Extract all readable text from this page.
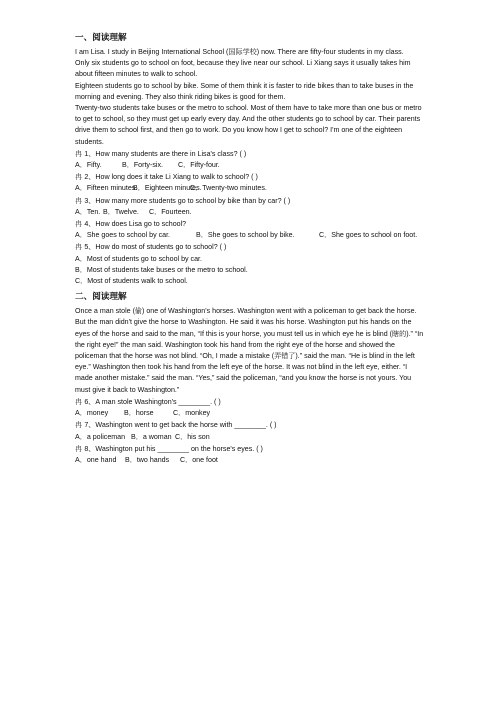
一、阅读理解

I am Lisa. I study in Beijing International School (国际学校) now. There are fifty-four students in my class.

Only six students go to school on foot, because they live near our school. Li Xiang says it usually takes him about fifteen minutes to walk to school.

Eighteen students go to school by bike. Some of them think it is faster to ride bikes than to take buses in the morning and evening. They also think riding bikes is good for them.

Twenty-two students take buses or the metro to school. Most of them have to take more than one bus or metro to get to school, so they must get up early every day. And the other students go to school by car. Their parents drive them to school first, and then go to work. Do you know how I get to school? I'm one of the eighteen students.

冉 1、How many students are there in Lisa's class? ( )

A．Fifty.	B．Forty-six. C．Fifty-four.

冉 2、How long does it take Li Xiang to walk to school? ( )

A．Fifteen minutes.B．Eighteen minutes.C．Twenty-two minutes.

冉 3、How many more students go to school by bike than by car? ( )

A．Ten. B．Twelve. C．Fourteen.

冉 4、How does Lisa go to school?

A．She goes to school by car.	B．She goes to school by bike.	C．She goes to school on foot.

冉 5、How do most of students go to school? ( )

A．Most of students go to school by car.

B．Most of students take buses or the metro to school.

C．Most of students walk to school.

二、阅读理解

Once a man stole (偷) one of Washington's horses. Washington went with a policeman to get back the horse. But the man didn't give the horse to Washington. He said it was his horse. Washington put his hands on the eyes of the horse and said to the man, “If this is your horse, you must tell us in which eye he is blind (瞎的).” “In the right eye!” the man said. Washington took his hand from the right eye of the horse and showed the policeman that the horse was not blind. “Oh, I made a mistake (弄错了).” said the man. “He is blind in the left eye.” Washington then took his hand from the left eye of the horse. It was not blind in the left eye, either. “I made another mistake.” said the man. “Yes,” said the policeman, “and you know the horse is not yours. You must give it back to Washington.”

冉 6、A man stole Washington's ________. ( )

A．money B．horse	C．monkey

冉 7、Washington went to get back the horse with ________. ( )

A．a policeman B．a woman C．his son

冉 8、Washington put his ________ on the horse's eyes. ( )

A．one hand B．two hands C．one foot
